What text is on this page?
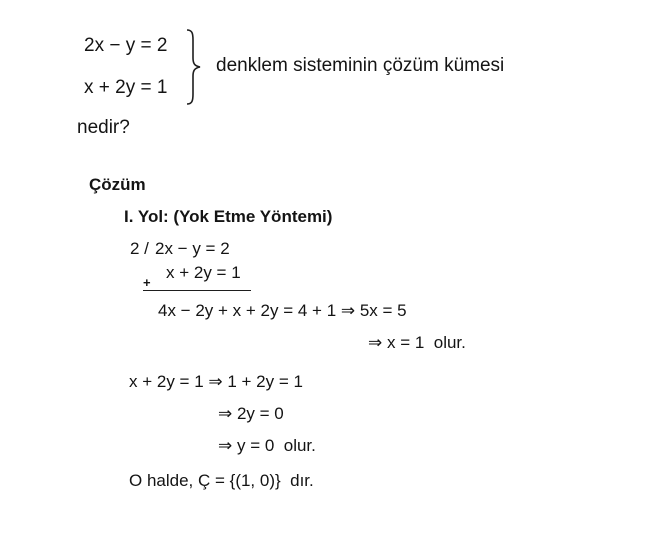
2x − y = 2
x + 2y = 1
denklem sisteminin çözüm kümesi
nedir?
Çözüm
I. Yol: (Yok Etme Yöntemi)
2 / 2x − y = 2
x + 2y = 1
+
4x − 2y + x + 2y = 4 + 1 ⇒ 5x = 5
⇒ x = 1  olur.
x + 2y = 1 ⇒ 1 + 2y = 1
⇒ 2y = 0
⇒ y = 0  olur.
O halde, Ç = {(1, 0)}  dır.
